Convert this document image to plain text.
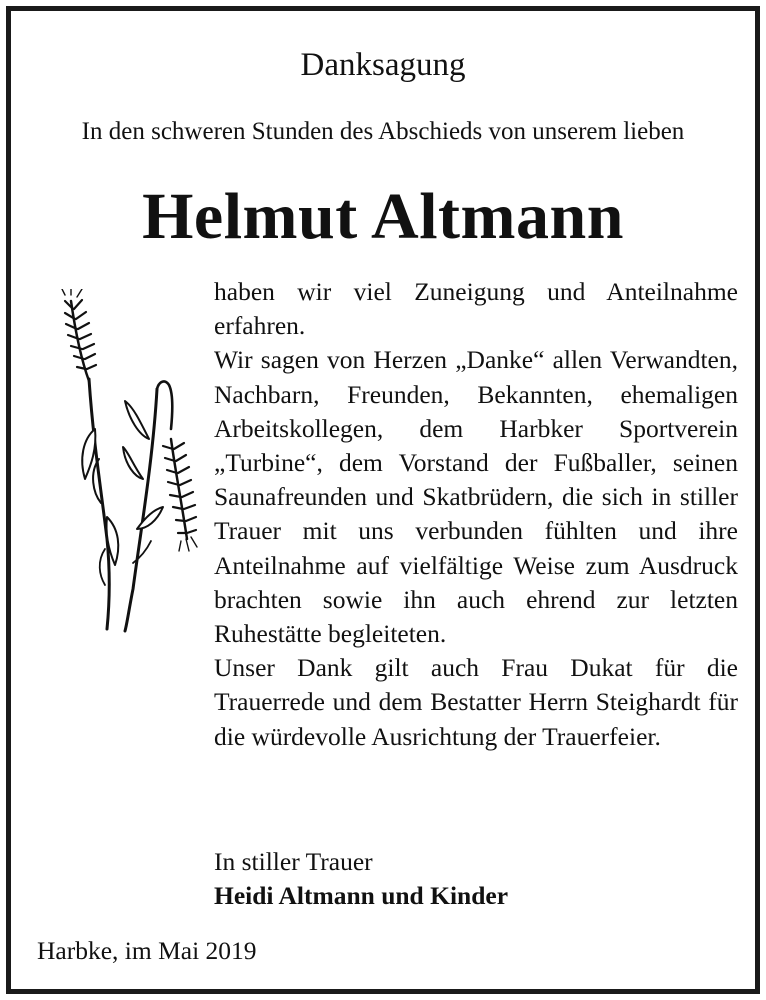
Danksagung
In den schweren Stunden des Abschieds von unserem lieben
Helmut Altmann

haben wir viel Zuneigung und Anteilnahme erfahren.

Wir sagen von Herzen „Danke“ allen Verwandten, Nachbarn, Freunden, Bekannten, ehemaligen Arbeitskollegen, dem Harbker Sportverein „Turbine“, dem Vorstand der Fußballer, seinen Saunafreunden und Skatbrüdern, die sich in stiller Trauer mit uns verbunden fühlten und ihre Anteilnahme auf vielfältige Weise zum Ausdruck brachten sowie ihn auch ehrend zur letzten Ruhestätte begleiteten.

Unser Dank gilt auch Frau Dukat für die Trauerrede und dem Bestatter Herrn Steighardt für die würdevolle Ausrichtung der Trauerfeier.

In stiller Trauer
Heidi Altmann und Kinder
Harbke, im Mai 2019
